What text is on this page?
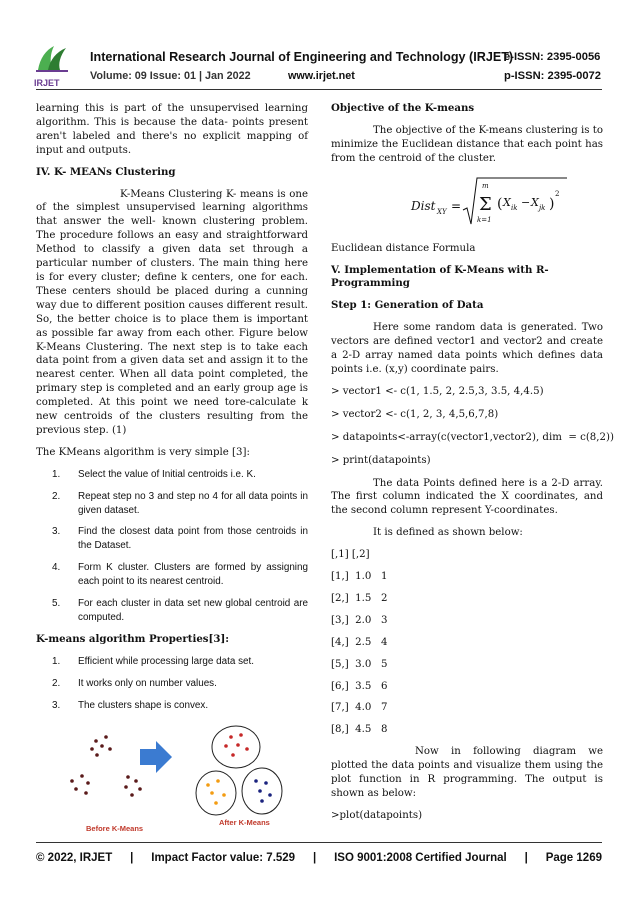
IRJET
International Research Journal of Engineering and Technology (IRJET)
e-ISSN: 2395-0056
Volume: 09 Issue: 01 | Jan 2022	www.irjet.net	p-ISSN: 2395-0072

learning this is part of the unsupervised learning algorithm. This is because the data- points present aren't labeled and there's no explicit mapping of input and outputs.

IV. K- MEANs Clustering

K-Means Clustering K- means is one of the simplest unsupervised learning algorithms that answer the well- known clustering problem. The procedure follows an easy and straightforward Method to classify a given data set through a particular number of clusters. The main thing here is for every cluster; define k centers, one for each. These centers should be placed during a cunning way due to different position causes different result. So, the better choice is to place them is important as possible far away from each other. Figure below K-Means Clustering. The next step is to take each data point from a given data set and assign it to the nearest center. When all data point completed, the primary step is completed and an early group age is completed. At this point we need tore-calculate k new centroids of the clusters resulting from the previous step. (1)

The KMeans algorithm is very simple [3]:

1.	Select the value of Initial centroids i.e. K.
2.	Repeat step no 3 and step no 4 for all data points in given dataset.
3.	Find the closest data point from those centroids in the Dataset.
4.	Form K cluster. Clusters are formed by assigning each point to its nearest centroid.
5.	For each cluster in data set new global centroid are computed.
K-means algorithm Properties[3]:
1.	Efficient while processing large data set.
2.	It works only on number values.
3.	The clusters shape is convex.
Before K-Means
After K-Means
Objective of the K-means

The objective of the K-means clustering is to minimize the Euclidean distance that each point has from the centroid of the cluster.

Dist XY =
m
Σ
k=1
( X ik − X jk )
2

Euclidean distance Formula

V. Implementation of K-Means with R-Programming
Step 1: Generation of Data

Here some random data is generated. Two vectors are defined vector1 and vector2 and create a 2-D array named data points which defines data points i.e. (x,y) coordinate pairs.

> vector1 <- c(1, 1.5, 2, 2.5,3, 3.5, 4,4.5)
> vector2 <- c(1, 2, 3, 4,5,6,7,8)
> datapoints<-array(c(vector1,vector2), dim  = c(8,2))
> print(datapoints)

The data Points defined here is a 2-D array. The first column indicated the X coordinates, and the second column represent Y-coordinates.

It is defined as shown below:

[,1] [,2]
[1,]  1.0   1
[2,]  1.5   2
[3,]  2.0   3
[4,]  2.5   4
[5,]  3.0   5
[6,]  3.5   6
[7,]  4.0   7
[8,]  4.5   8

Now in following diagram we plotted the data points and visualize them using the plot function in R programming. The output is shown as below:

>plot(datapoints)
© 2022, IRJET | Impact Factor value: 7.529 | ISO 9001:2008 Certified Journal | Page 1269
